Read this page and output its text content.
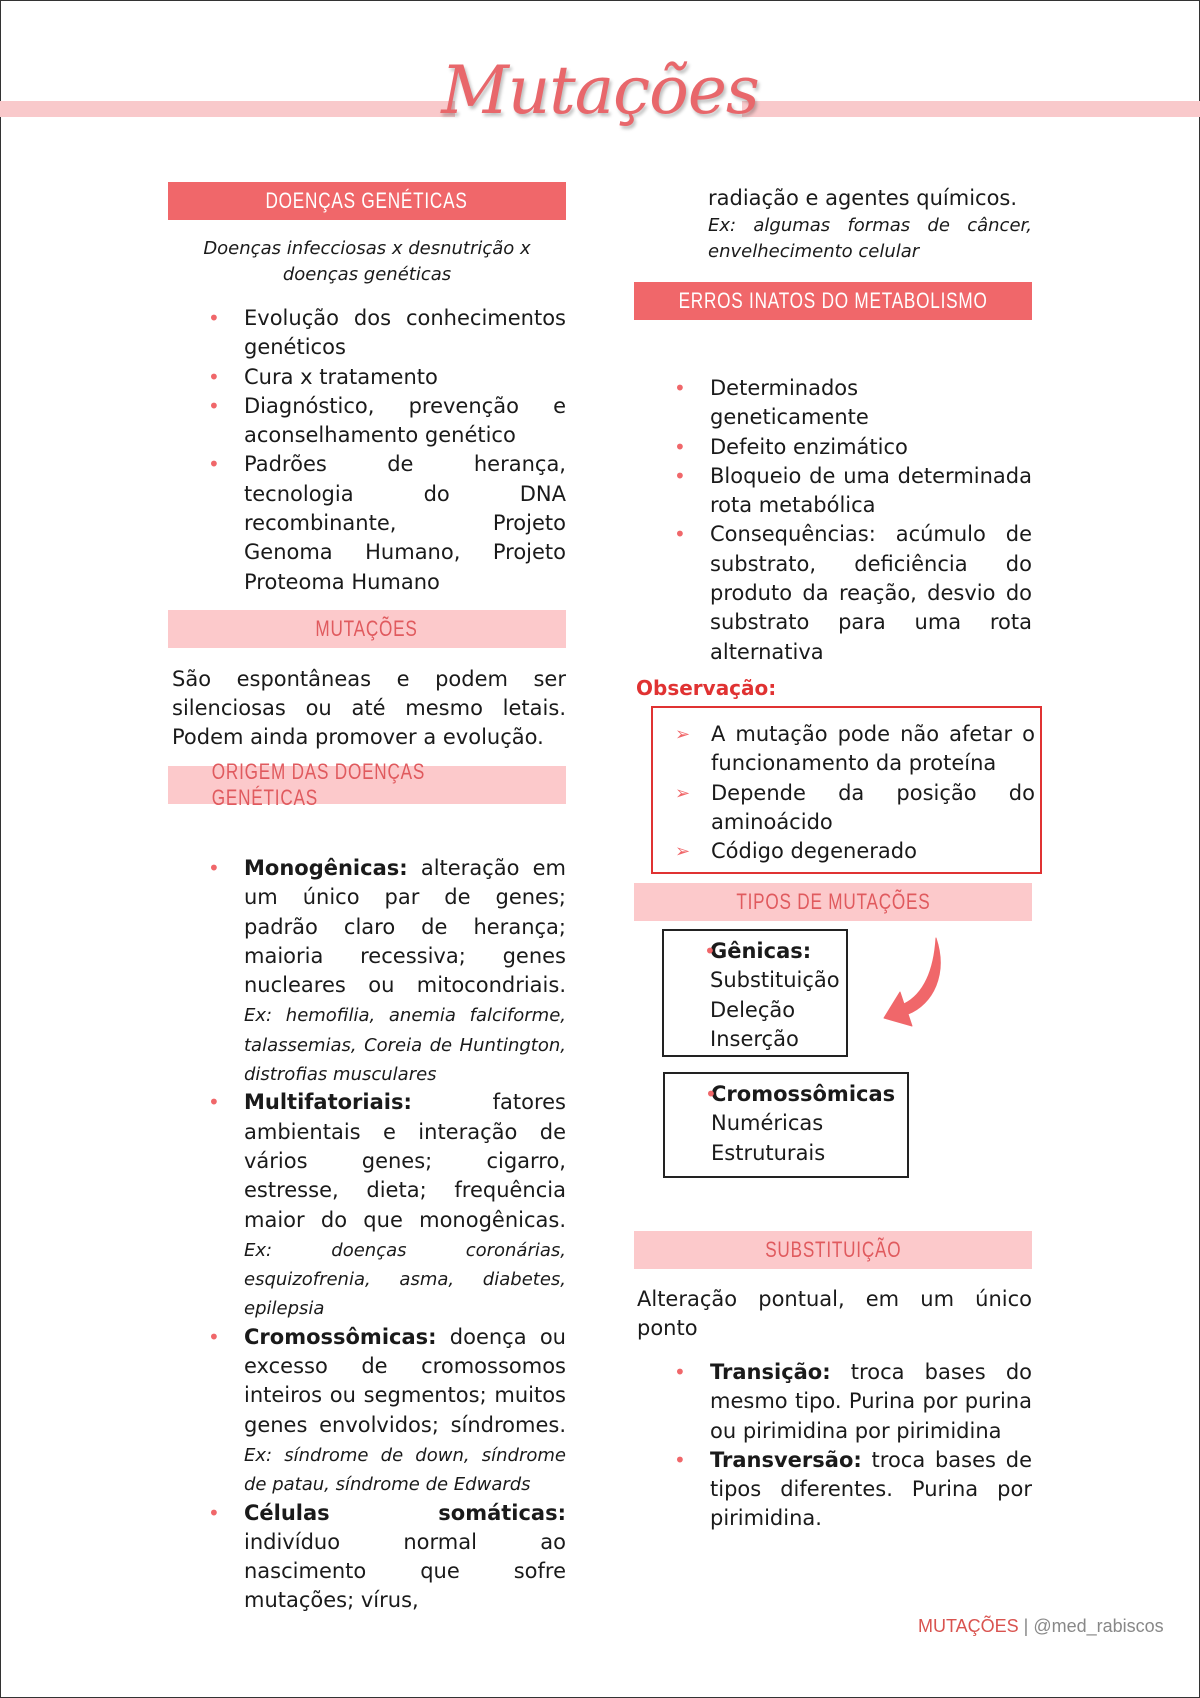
Mutações
DOENÇAS GENÉTICAS
Doenças infecciosas x desnutrição x doenças genéticas
• Evolução dos conhecimentos genéticos
• Cura x tratamento
• Diagnóstico, prevenção e aconselhamento genético
• Padrões de herança, tecnologia do DNA recombinante, Projeto Genoma Humano, Projeto Proteoma Humano
MUTAÇÕES
São espontâneas e podem ser silenciosas ou até mesmo letais. Podem ainda promover a evolução.
ORIGEM DAS DOENÇAS GENÉTICAS
• Monogênicas: alteração em um único par de genes; padrão claro de herança; maioria recessiva; genes nucleares ou mitocondriais. Ex: hemofilia, anemia falciforme, talassemias, Coreia de Huntington, distrofias musculares
• Multifatoriais: fatores ambientais e interação de vários genes; cigarro, estresse, dieta; frequência maior do que monogênicas. Ex: doenças coronárias, esquizofrenia, asma, diabetes, epilepsia
• Cromossômicas: doença ou excesso de cromossomos inteiros ou segmentos; muitos genes envolvidos; síndromes. Ex: síndrome de down, síndrome de patau, síndrome de Edwards
• Células somáticas: indivíduo normal ao nascimento que sofre mutações; vírus,
radiação e agentes químicos.
Ex: algumas formas de câncer, envelhecimento celular
ERROS INATOS DO METABOLISMO
• Determinados geneticamente
• Defeito enzimático
• Bloqueio de uma determinada rota metabólica
• Consequências: acúmulo de substrato, deficiência do produto da reação, desvio do substrato para uma rota alternativa
Observação:
➢ A mutação pode não afetar o funcionamento da proteína
➢ Depende da posição do aminoácido
➢ Código degenerado
TIPOS DE MUTAÇÕES
• Gênicas:
Substituição
Deleção
Inserção
• Cromossômicas
Numéricas
Estruturais
SUBSTITUIÇÃO
Alteração pontual, em um único ponto
• Transição: troca bases do mesmo tipo. Purina por purina ou pirimidina por pirimidina
• Transversão: troca bases de tipos diferentes. Purina por pirimidina.
MUTAÇÕES | @med_rabiscos
